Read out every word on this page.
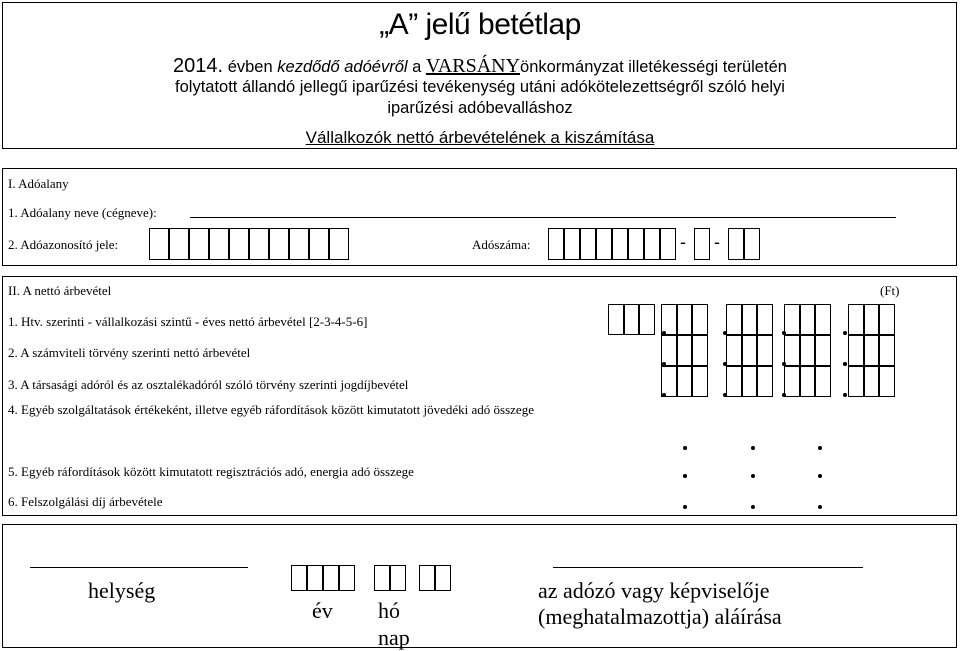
„A” jelű betétlap
2014. évben kezdődő adóévről a VARSÁNYönkormányzat illetékességi területén
folytatott állandó jellegű iparűzési tevékenység utáni adókötelezettségről szóló helyi
iparűzési adóbevalláshoz
Vállalkozók nettó árbevételének a kiszámítása
I. Adóalany
1. Adóalany neve (cégneve):
2. Adóazonosító jele:	Adószáma:	- -
II. A nettó árbevétel	(Ft)
1. Htv. szerinti - vállalkozási szintű - éves nettó árbevétel [2-3-4-5-6]
2. A számviteli törvény szerinti nettó árbevétel
3. A társasági adóról és az osztalékadóról szóló törvény szerinti jogdíjbevétel
4. Egyéb szolgáltatások értékeként, illetve egyéb ráfordítások között kimutatott jövedéki adó összege
5. Egyéb ráfordítások között kimutatott regisztrációs adó, energia adó összege
6. Felszolgálási díj árbevétele
helység
év hó
nap
az adózó vagy képviselője
(meghatalmazottja) aláírása
